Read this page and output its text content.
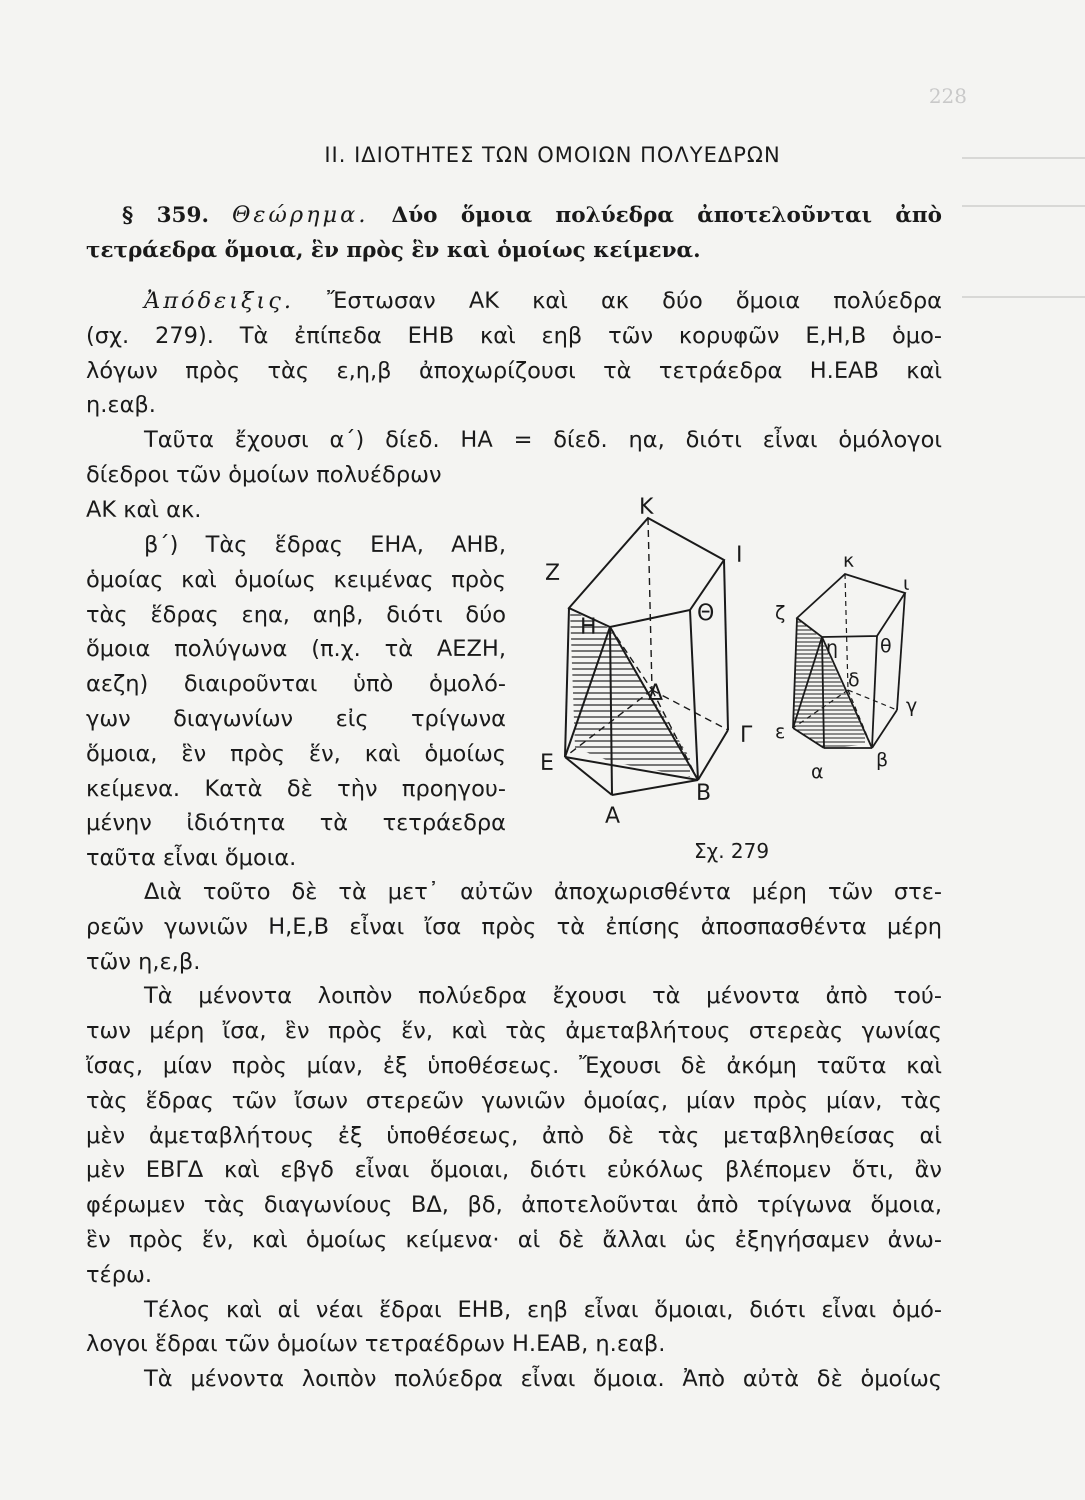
228
II. ΙΔΙΟΤΗΤΕΣ ΤΩΝ ΟΜΟΙΩΝ ΠΟΛΥΕΔΡΩΝ
§ 359. Θεώρημα. Δύο ὅμοια πολύεδρα ἀποτελοῦνται ἀπὸ
τετράεδρα ὅμοια, ἓν πρὸς ἓν καὶ ὁμοίως κείμενα.
Ἀπόδειξις. Ἔστωσαν ΑΚ καὶ ακ δύο ὅμοια πολύεδρα
(σχ. 279). Τὰ ἐπίπεδα ΕΗΒ καὶ εηβ τῶν κορυφῶν Ε,Η,Β ὁμο-
λόγων πρὸς τὰς ε,η,β ἀποχωρίζουσι τὰ τετράεδρα Η.ΕΑΒ καὶ
η.εαβ.
Ταῦτα ἔχουσι α΄) δίεδ. ΗΑ = δίεδ. ηα, διότι εἶναι ὁμόλογοι
δίεδροι τῶν ὁμοίων πολυέδρων
ΑΚ καὶ ακ.
β΄) Τὰς ἕδρας ΕΗΑ, ΑΗΒ,
ὁμοίας καὶ ὁμοίως κειμένας πρὸς
τὰς ἕδρας εηα, αηβ, διότι δύο
ὅμοια πολύγωνα (π.χ. τὰ ΑΕΖΗ,
αεζη) διαιροῦνται ὑπὸ ὁμολό-
γων διαγωνίων εἰς τρίγωνα
ὅμοια, ἓν πρὸς ἕν, καὶ ὁμοίως
κείμενα. Κατὰ δὲ τὴν προηγου-
μένην ἰδιότητα τὰ τετράεδρα
ταῦτα εἶναι ὅμοια.
Κ
Ι
Ζ
Η
Θ
Δ
Γ
Ε
Β
Α
κ
ι
ζ
η θ
δ
γ
ε
β
α
Σχ. 279
Διὰ τοῦτο δὲ τὰ μετ᾽ αὐτῶν ἀποχωρισθέντα μέρη τῶν στε-
ρεῶν γωνιῶν Η,Ε,Β εἶναι ἴσα πρὸς τὰ ἐπίσης ἀποσπασθέντα μέρη
τῶν η,ε,β.
Τὰ μένοντα λοιπὸν πολύεδρα ἔχουσι τὰ μένοντα ἀπὸ τού-
των μέρη ἴσα, ἓν πρὸς ἕν, καὶ τὰς ἀμεταβλήτους στερεὰς γωνίας
ἴσας, μίαν πρὸς μίαν, ἐξ ὑποθέσεως. Ἔχουσι δὲ ἀκόμη ταῦτα καὶ
τὰς ἕδρας τῶν ἴσων στερεῶν γωνιῶν ὁμοίας, μίαν πρὸς μίαν, τὰς
μὲν ἀμεταβλήτους ἐξ ὑποθέσεως, ἀπὸ δὲ τὰς μεταβληθείσας αἱ
μὲν ΕΒΓΔ καὶ εβγδ εἶναι ὅμοιαι, διότι εὐκόλως βλέπομεν ὅτι, ἂν
φέρωμεν τὰς διαγωνίους ΒΔ, βδ, ἀποτελοῦνται ἀπὸ τρίγωνα ὅμοια,
ἓν πρὸς ἕν, καὶ ὁμοίως κείμενα· αἱ δὲ ἄλλαι ὡς ἐξηγήσαμεν ἀνω-
τέρω.
Τέλος καὶ αἱ νέαι ἕδραι ΕΗΒ, εηβ εἶναι ὅμοιαι, διότι εἶναι ὁμό-
λογοι ἕδραι τῶν ὁμοίων τετραέδρων Η.ΕΑΒ, η.εαβ.
Τὰ μένοντα λοιπὸν πολύεδρα εἶναι ὅμοια. Ἀπὸ αὐτὰ δὲ ὁμοίως
